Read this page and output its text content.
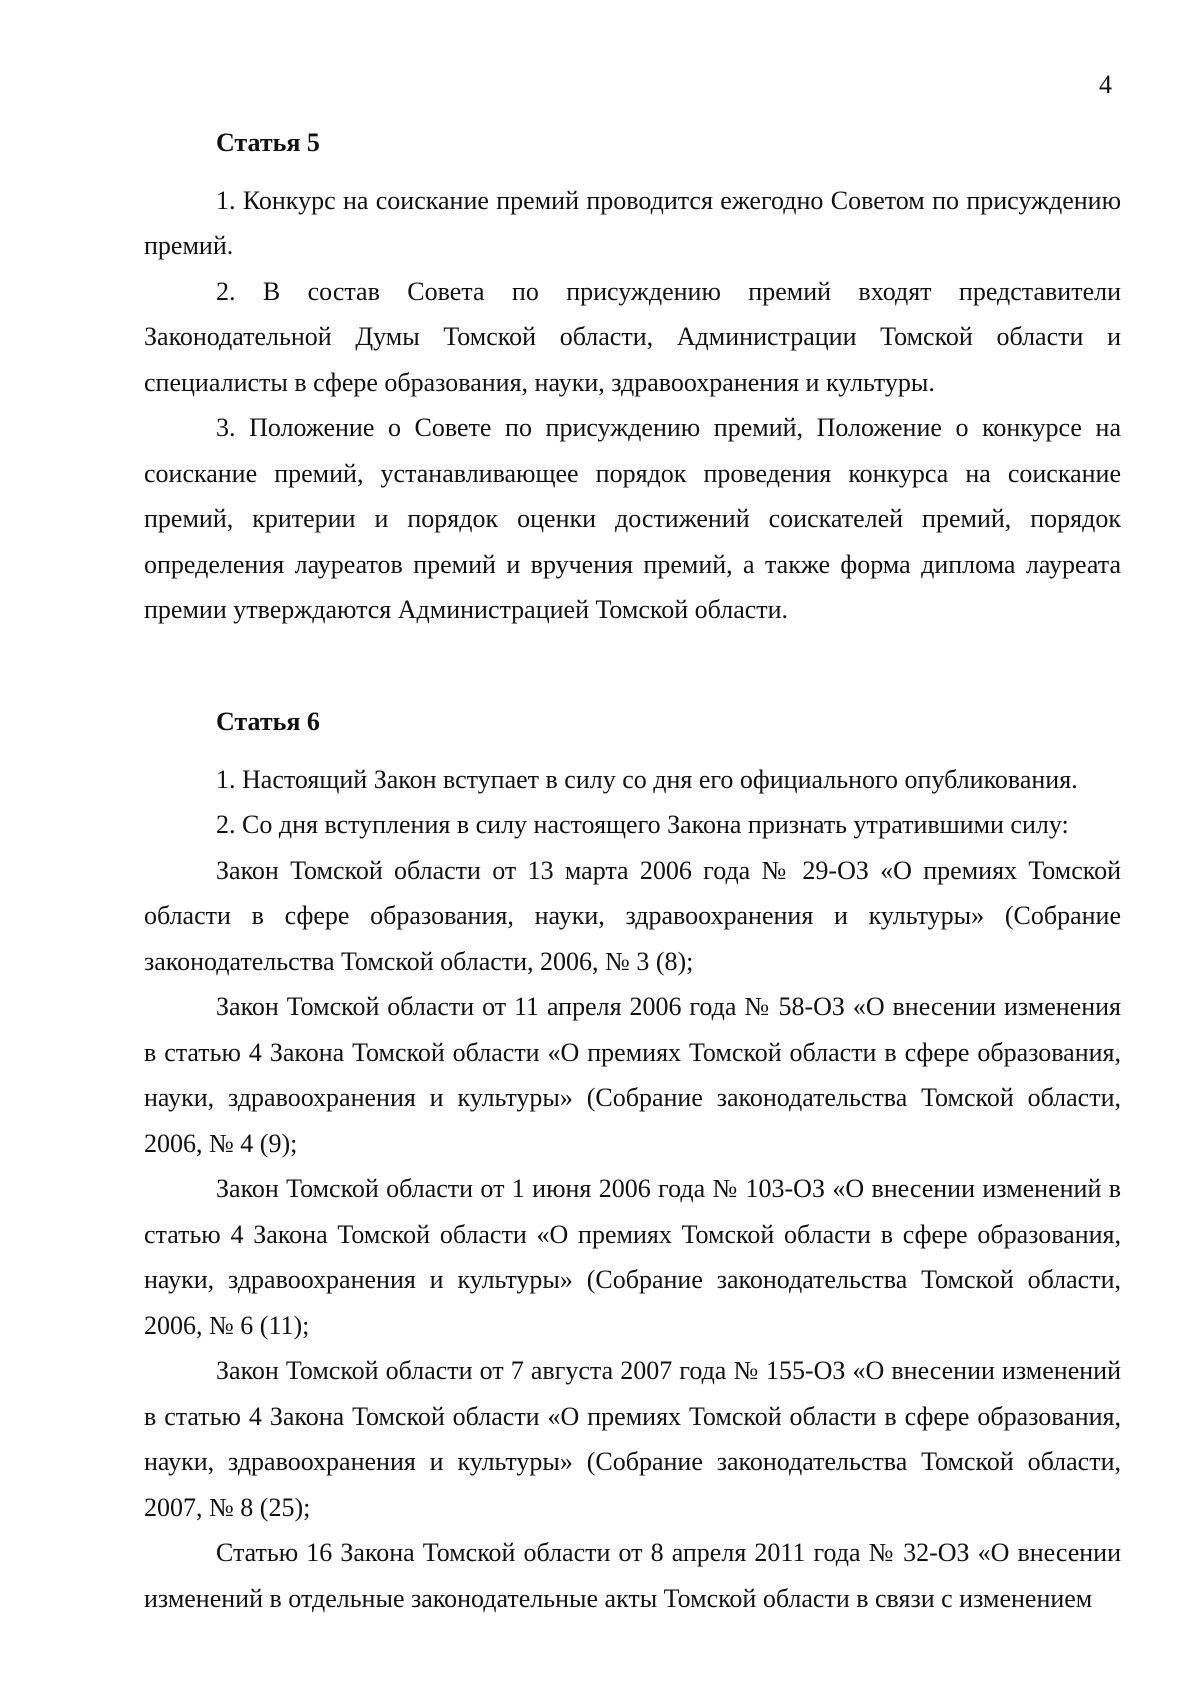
4
Статья 5

1. Конкурс на соискание премий проводится ежегодно Советом по присуждению премий.

2. В состав Совета по присуждению премий входят представители Законодательной Думы Томской области, Администрации Томской области и специалисты в сфере образования, науки, здравоохранения и культуры.

3. Положение о Совете по присуждению премий, Положение о конкурсе на соискание премий, устанавливающее порядок проведения конкурса на соискание премий, критерии и порядок оценки достижений соискателей премий, порядок определения лауреатов премий и вручения премий, а также форма диплома лауреата премии утверждаются Администрацией Томской области.

Статья 6

1. Настоящий Закон вступает в силу со дня его официального опубликования.

2. Со дня вступления в силу настоящего Закона признать утратившими силу:

Закон Томской области от 13 марта 2006 года № 29-ОЗ «О премиях Томской области в сфере образования, науки, здравоохранения и культуры» (Собрание законодательства Томской области, 2006, № 3 (8);

Закон Томской области от 11 апреля 2006 года № 58-ОЗ «О внесении изменения в статью 4 Закона Томской области «О премиях Томской области в сфере образования, науки, здравоохранения и культуры» (Собрание законодательства Томской области, 2006, № 4 (9);

Закон Томской области от 1 июня 2006 года № 103-ОЗ «О внесении изменений в статью 4 Закона Томской области «О премиях Томской области в сфере образования, науки, здравоохранения и культуры» (Собрание законодательства Томской области, 2006, № 6 (11);

Закон Томской области от 7 августа 2007 года № 155-ОЗ «О внесении изменений в статью 4 Закона Томской области «О премиях Томской области в сфере образования, науки, здравоохранения и культуры» (Собрание законодательства Томской области, 2007, № 8 (25);

Статью 16 Закона Томской области от 8 апреля 2011 года № 32-ОЗ «О внесении изменений в отдельные законодательные акты Томской области в связи с изменением
